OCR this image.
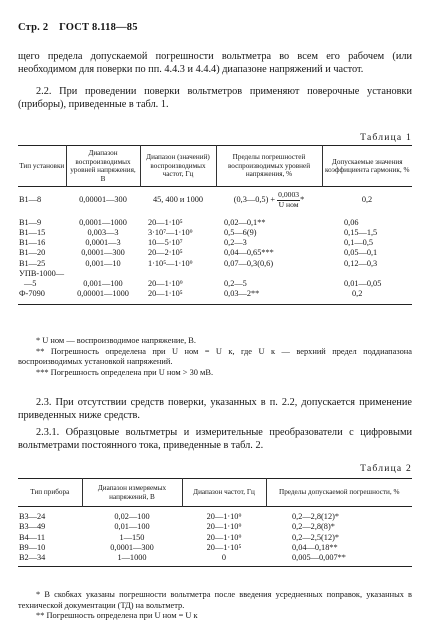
Стр. 2 ГОСТ 8.118—85

щего предела допускаемой погрешности вольтметра во всем его рабочем (или необходимом для поверки по пп. 4.4.3 и 4.4.4) диапазоне напряжений и частот.

2.2. При проведении поверки вольтметров применяют поверочные установки (приборы), приведенные в табл. 1.

Таблица 1

Тип установки	Диапазон воспроизводимых уровней напряжения, В	Диапазон (значений) воспроизводимых частот, Гц	Пределы погрешностей воспроизводимых уровней напряжения, %	Допускаемые значения коэффициента гармоник, %
В1—8	0,00001—300	45, 400 и 1000	(0,3—0,5) + $\frac{0,0003}{\text{U ном}}$ *	0,2
В1—9	0,0001—1000	20—1·10⁵	0,02—0,1**	0,06
В1—15	0,003—3	3·10⁷—1·10⁹	0,5—6(9)	0,15—1,5
В1—16	0,0001—3	10—5·10⁷	0,2—3	0,1—0,5
В1—20	0,0001—300	20—2·10⁵	0,04—0,65***	0,05—0,1
В1—25	0,001—10	1·10⁵—1·10⁹	0,07—0,3(0,6)	0,12—0,3
УПВ-1000—				
—5	0,001—100	20—1·10⁹	0,2—5	0,01—0,05
Ф-7090	0,00001—1000	20—1·10⁵	0,03—2**	0,2

* U ном — воспроизводимое напряжение, В.

** Погрешность определена при U ном = U к, где U к — верхний предел поддиапазона воспроизводимых установкой напряжений.

*** Погрешность определена при U ном > 30 мВ.

2.3. При отсутствии средств поверки, указанных в п. 2.2, допускается применение приведенных ниже средств.

2.3.1. Образцовые вольтметры и измерительные преобразователи с цифровыми вольтметрами постоянного тока, приведенные в табл. 2.

Таблица 2

Тип прибора	Диапазон измеряемых напряжений, В	Диапазон частот, Гц	Пределы допускаемой погрешности, %
В3—24	0,02—100	20—1·10⁹	0,2—2,8(12)*
В3—49	0,01—100	20—1·10⁹	0,2—2,8(8)*
В4—11	1—150	20—1·10⁹	0,2—2,5(12)*
В9—10	0,0001—300	20—1·10⁵	0,04—0,18**
В2—34	1—1000	0	0,005—0,007**

* В скобках указаны погрешности вольтметра после введения усредненных поправок, указанных в технической документации (ТД) на вольтметр.

** Погрешность определена при U ном = U к
